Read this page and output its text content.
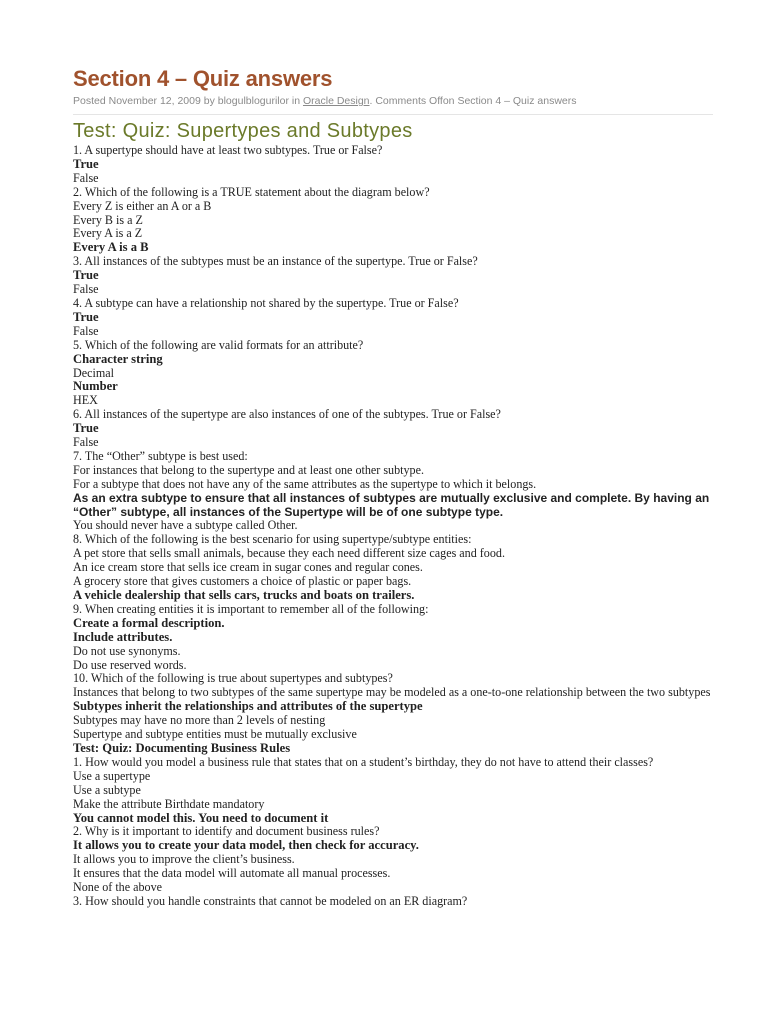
Section 4 – Quiz answers
Posted November 12, 2009 by blogulblogurilor in Oracle Design. Comments Offon Section 4 – Quiz answers
Test: Quiz: Supertypes and Subtypes
1. A supertype should have at least two subtypes. True or False?
True
False
2. Which of the following is a TRUE statement about the diagram below?
Every Z is either an A or a B
Every B is a Z
Every A is a Z
Every A is a B
3. All instances of the subtypes must be an instance of the supertype. True or False?
True
False
4. A subtype can have a relationship not shared by the supertype. True or False?
True
False
5. Which of the following are valid formats for an attribute?
Character string
Decimal
Number
HEX
6. All instances of the supertype are also instances of one of the subtypes. True or False?
True
False
7. The “Other” subtype is best used:
For instances that belong to the supertype and at least one other subtype.
For a subtype that does not have any of the same attributes as the supertype to which it belongs.
As an extra subtype to ensure that all instances of subtypes are mutually exclusive and complete. By having an “Other” subtype, all instances of the Supertype will be of one subtype type.
You should never have a subtype called Other.
8. Which of the following is the best scenario for using supertype/subtype entities:
A pet store that sells small animals, because they each need different size cages and food.
An ice cream store that sells ice cream in sugar cones and regular cones.
A grocery store that gives customers a choice of plastic or paper bags.
A vehicle dealership that sells cars, trucks and boats on trailers.
9. When creating entities it is important to remember all of the following:
Create a formal description.
Include attributes.
Do not use synonyms.
Do use reserved words.
10. Which of the following is true about supertypes and subtypes?
Instances that belong to two subtypes of the same supertype may be modeled as a one-to-one relationship between the two subtypes
Subtypes inherit the relationships and attributes of the supertype
Subtypes may have no more than 2 levels of nesting
Supertype and subtype entities must be mutually exclusive
Test: Quiz: Documenting Business Rules
1. How would you model a business rule that states that on a student’s birthday, they do not have to attend their classes?
Use a supertype
Use a subtype
Make the attribute Birthdate mandatory
You cannot model this. You need to document it
2. Why is it important to identify and document business rules?
It allows you to create your data model, then check for accuracy.
It allows you to improve the client’s business.
It ensures that the data model will automate all manual processes.
None of the above
3. How should you handle constraints that cannot be modeled on an ER diagram?
